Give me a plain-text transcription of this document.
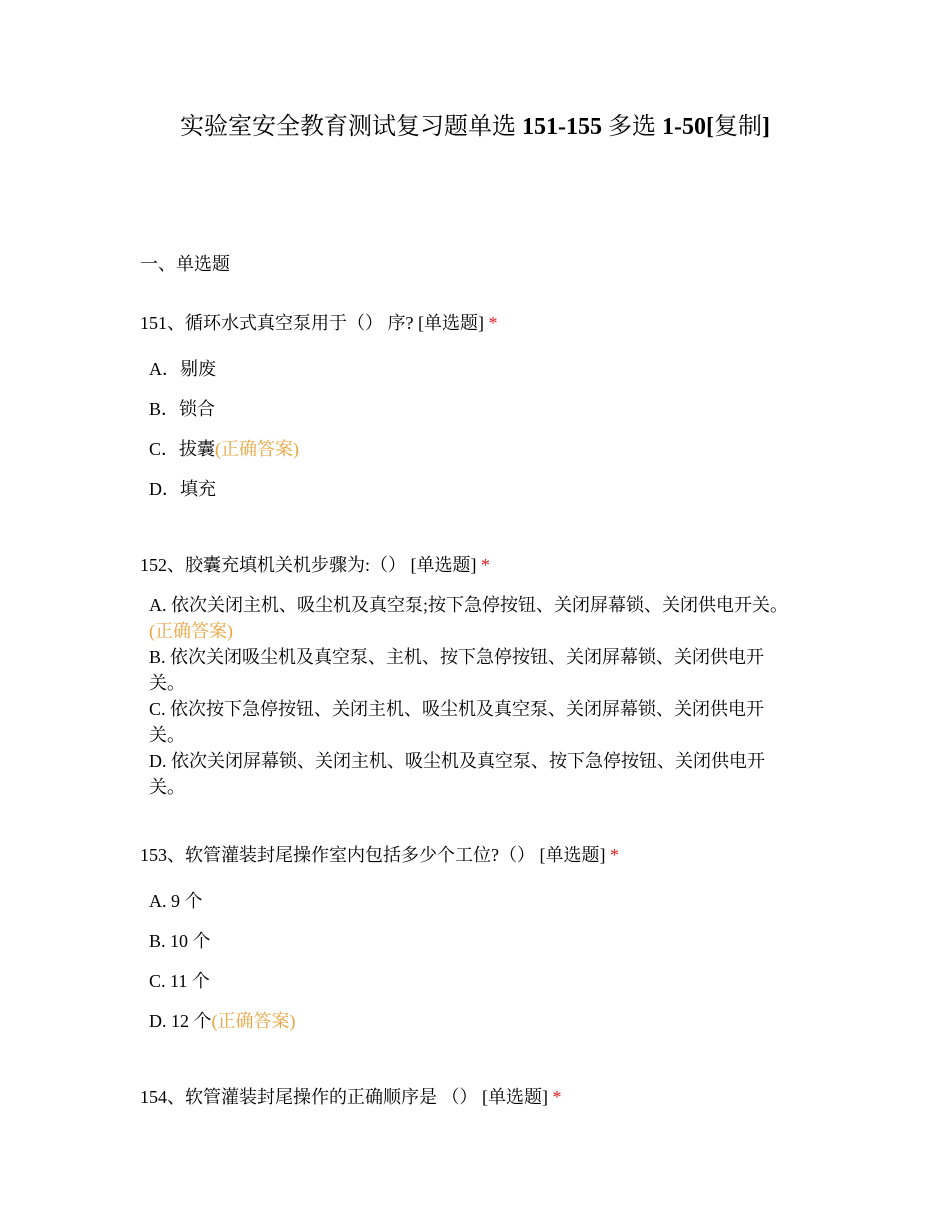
实验室安全教育测试复习题单选 151-155 多选 1-50[复制]
一、单选题
151、循环水式真空泵用于（） 序? [单选题] *
A．剔废
B．锁合
C．拔囊(正确答案)
D．填充
152、胶囊充填机关机步骤为:（） [单选题] *
A. 依次关闭主机、吸尘机及真空泵;按下急停按钮、关闭屏幕锁、关闭供电开关。(正确答案)
B. 依次关闭吸尘机及真空泵、主机、按下急停按钮、关闭屏幕锁、关闭供电开关。
C. 依次按下急停按钮、关闭主机、吸尘机及真空泵、关闭屏幕锁、关闭供电开关。
D. 依次关闭屏幕锁、关闭主机、吸尘机及真空泵、按下急停按钮、关闭供电开关。
153、软管灌装封尾操作室内包括多少个工位?（） [单选题] *
A. 9 个
B. 10 个
C. 11 个
D. 12 个(正确答案)
154、软管灌装封尾操作的正确顺序是 （） [单选题] *
